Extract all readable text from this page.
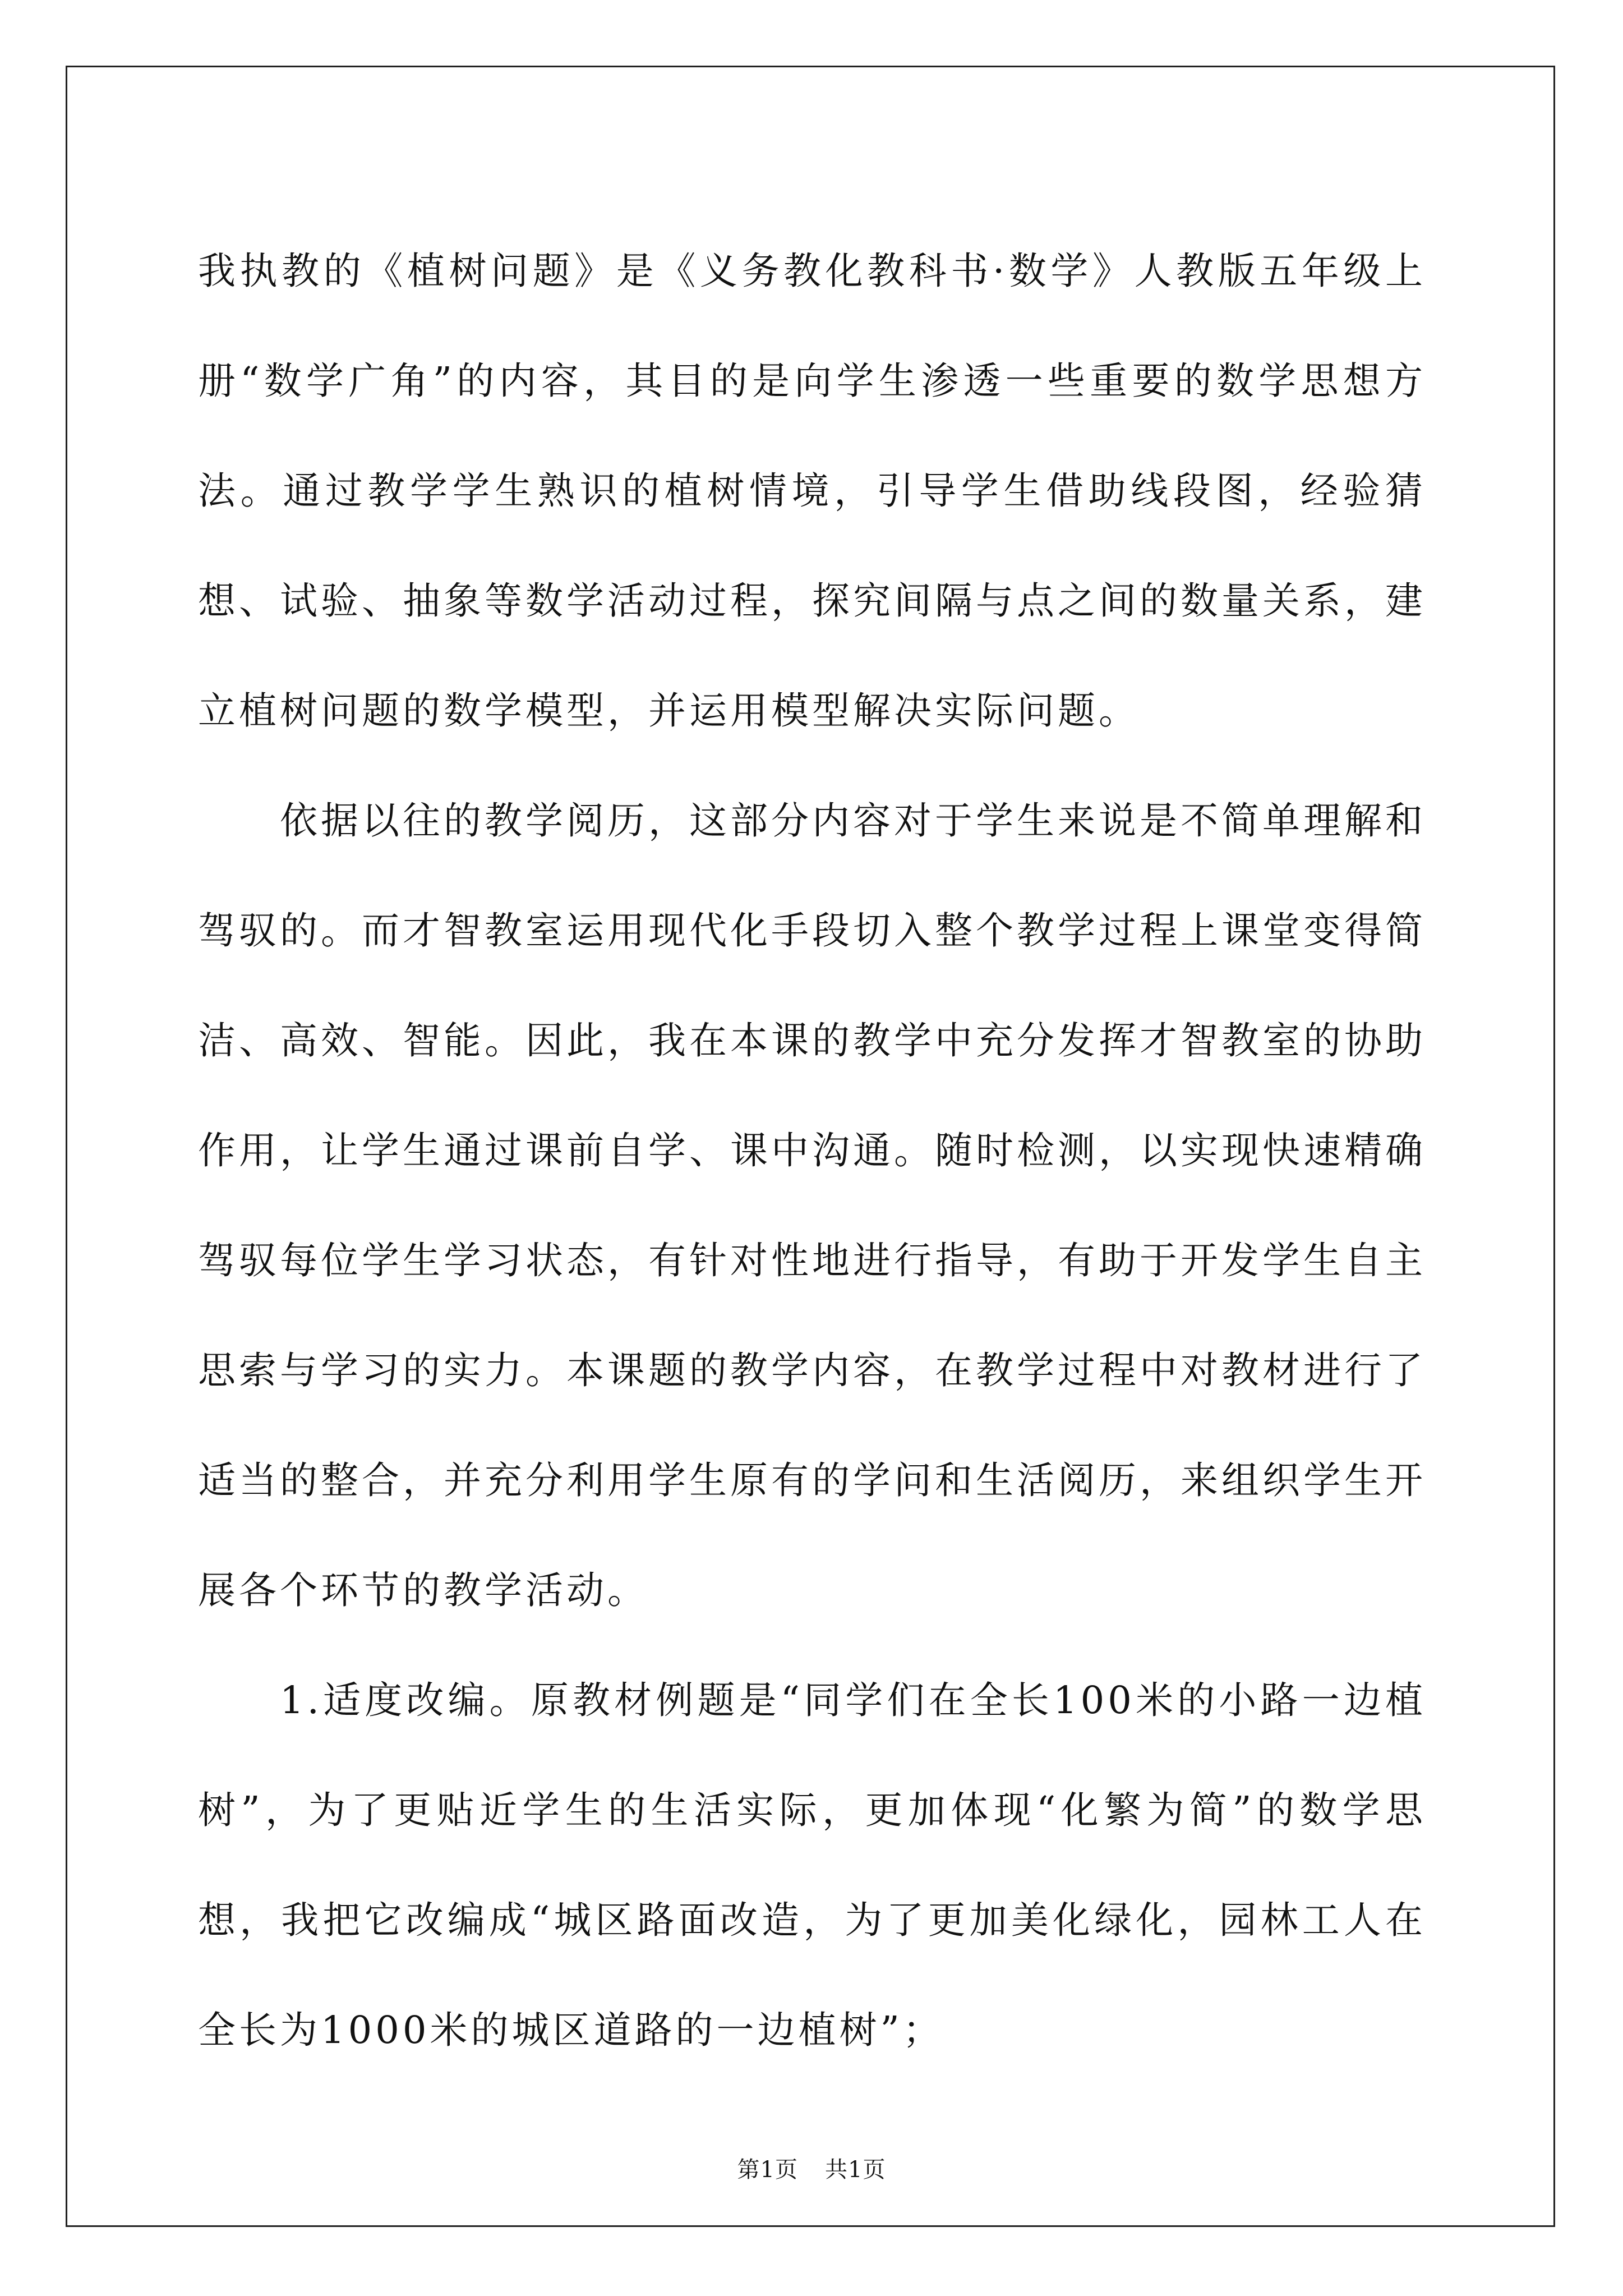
我执教的《植树问题》是《义务教化教科书·数学》人教版五年级上册“数学广角”的内容，其目的是向学生渗透一些重要的数学思想方法。通过教学学生熟识的植树情境，引导学生借助线段图，经验猜想、试验、抽象等数学活动过程，探究间隔与点之间的数量关系，建立植树问题的数学模型，并运用模型解决实际问题。

依据以往的教学阅历，这部分内容对于学生来说是不简单理解和驾驭的。而才智教室运用现代化手段切入整个教学过程上课堂变得简洁、高效、智能。因此，我在本课的教学中充分发挥才智教室的协助作用，让学生通过课前自学、课中沟通。随时检测，以实现快速精确驾驭每位学生学习状态，有针对性地进行指导，有助于开发学生自主思索与学习的实力。本课题的教学内容，在教学过程中对教材进行了适当的整合，并充分利用学生原有的学问和生活阅历，来组织学生开展各个环节的教学活动。

1.适度改编。原教材例题是“同学们在全长100米的小路一边植树”，为了更贴近学生的生活实际，更加体现“化繁为简”的数学思想，我把它改编成“城区路面改造，为了更加美化绿化，园林工人在全长为1000米的城区道路的一边植树”；

第1页 共1页
